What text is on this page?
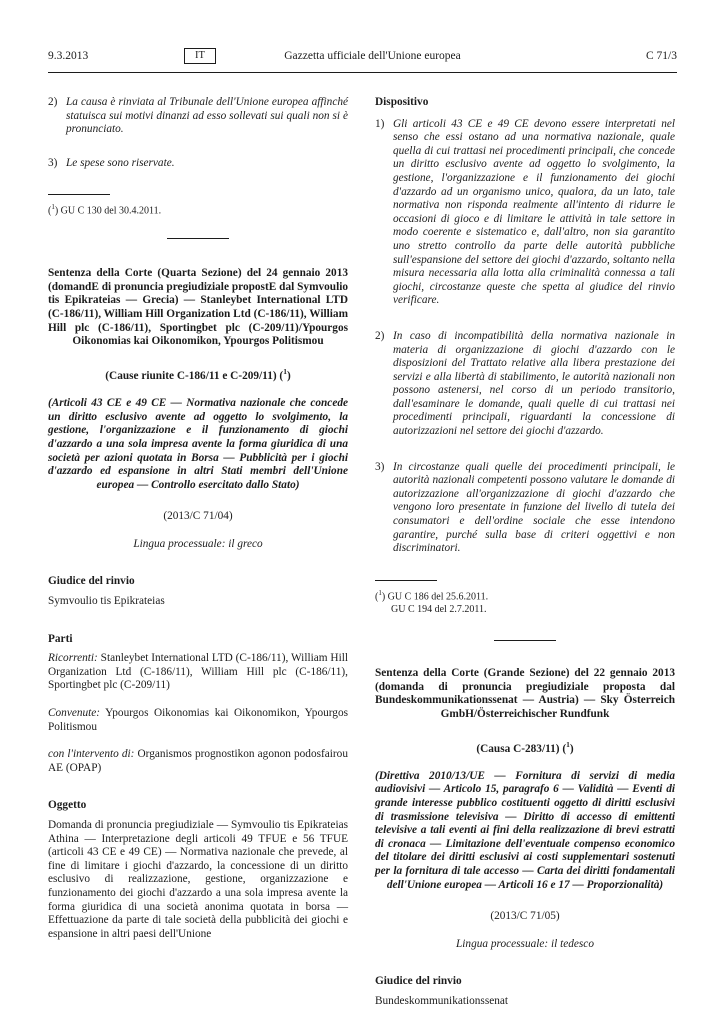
9.3.2013	IT	Gazzetta ufficiale dell'Unione europea	C 71/3
2) La causa è rinviata al Tribunale dell'Unione europea affinché statuisca sui motivi dinanzi ad esso sollevati sui quali non si è pronunciato.
3) Le spese sono riservate.
($^1$) GU C 130 del 30.4.2011.
Sentenza della Corte (Quarta Sezione) del 24 gennaio 2013 (domandE di pronuncia pregiudiziale propostE dal Symvoulio tis Epikrateias — Grecia) — Stanleybet International LTD (C-186/11), William Hill Organization Ltd (C-186/11), William Hill plc (C-186/11), Sportingbet plc (C-209/11)/Ypourgos Oikonomias kai Oikonomikon, Ypourgos Politismou
(Cause riunite C-186/11 e C-209/11) ($^1$)
(Articoli 43 CE e 49 CE — Normativa nazionale che concede un diritto esclusivo avente ad oggetto lo svolgimento, la gestione, l'organizzazione e il funzionamento di giochi d'azzardo a una sola impresa avente la forma giuridica di una società per azioni quotata in Borsa — Pubblicità per i giochi d'azzardo ed espansione in altri Stati membri dell'Unione europea — Controllo esercitato dallo Stato)
(2013/C 71/04)
Lingua processuale: il greco
Giudice del rinvio
Symvoulio tis Epikrateias
Parti
Ricorrenti: Stanleybet International LTD (C-186/11), William Hill Organization Ltd (C-186/11), William Hill plc (C-186/11), Sportingbet plc (C-209/11)
Convenute: Ypourgos Oikonomias kai Oikonomikon, Ypourgos Politismou
con l'intervento di: Organismos prognostikon agonon podosfairou AE (OPAP)
Oggetto
Domanda di pronuncia pregiudiziale — Symvoulio tis Epikrateias Athina — Interpretazione degli articoli 49 TFUE e 56 TFUE (articoli 43 CE e 49 CE) — Normativa nazionale che prevede, al fine di limitare i giochi d'azzardo, la concessione di un diritto esclusivo di realizzazione, gestione, organizzazione e funzionamento dei giochi d'azzardo a una sola impresa avente la forma giuridica di una società anonima quotata in borsa — Effettuazione da parte di tale società della pubblicità dei giochi e espansione in altri paesi dell'Unione
Dispositivo
1) Gli articoli 43 CE e 49 CE devono essere interpretati nel senso che essi ostano ad una normativa nazionale, quale quella di cui trattasi nei procedimenti principali, che concede un diritto esclusivo avente ad oggetto lo svolgimento, la gestione, l'organizzazione e il funzionamento dei giochi d'azzardo ad un organismo unico, qualora, da un lato, tale normativa non risponda realmente all'intento di ridurre le occasioni di gioco e di limitare le attività in tale settore in modo coerente e sistematico e, dall'altro, non sia garantito uno stretto controllo da parte delle autorità pubbliche sull'espansione del settore dei giochi d'azzardo, soltanto nella misura necessaria alla lotta alla criminalità connessa a tali giochi, circostanze queste che spetta al giudice del rinvio verificare.
2) In caso di incompatibilità della normativa nazionale in materia di organizzazione di giochi d'azzardo con le disposizioni del Trattato relative alla libera prestazione dei servizi e alla libertà di stabilimento, le autorità nazionali non possono astenersi, nel corso di un periodo transitorio, dall'esaminare le domande, quali quelle di cui trattasi nei procedimenti principali, riguardanti la concessione di autorizzazioni nel settore dei giochi d'azzardo.
3) In circostanze quali quelle dei procedimenti principali, le autorità nazionali competenti possono valutare le domande di autorizzazione all'organizzazione di giochi d'azzardo che vengono loro presentate in funzione del livello di tutela dei consumatori e dell'ordine sociale che esse intendono garantire, purché sulla base di criteri oggettivi e non discriminatori.
($^1$) GU C 186 del 25.6.2011.
GU C 194 del 2.7.2011.
Sentenza della Corte (Grande Sezione) del 22 gennaio 2013 (domanda di pronuncia pregiudiziale proposta dal Bundeskommunikationssenat — Austria) — Sky Österreich GmbH/Österreichischer Rundfunk
(Causa C-283/11) ($^1$)
(Direttiva 2010/13/UE — Fornitura di servizi di media audiovisivi — Articolo 15, paragrafo 6 — Validità — Eventi di grande interesse pubblico costituenti oggetto di diritti esclusivi di trasmissione televisiva — Diritto di accesso di emittenti televisive a tali eventi ai fini della realizzazione di brevi estratti di cronaca — Limitazione dell'eventuale compenso economico del titolare dei diritti esclusivi ai costi supplementari sostenuti per la fornitura di tale accesso — Carta dei diritti fondamentali dell'Unione europea — Articoli 16 e 17 — Proporzionalità)
(2013/C 71/05)
Lingua processuale: il tedesco
Giudice del rinvio
Bundeskommunikationssenat
